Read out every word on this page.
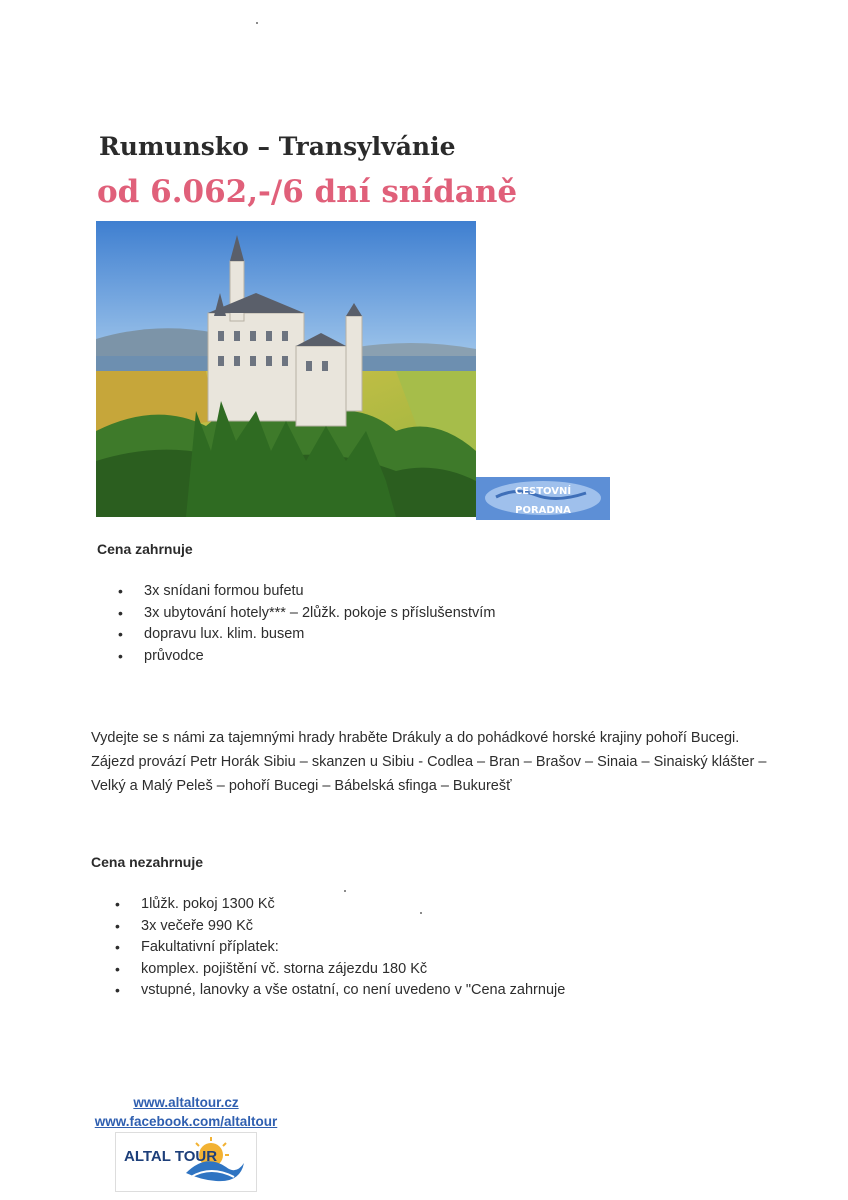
Rumunsko – Transylvánie
od 6.062,-/6 dní snídaně
CESTOVNÍ
PORADNA
Cena zahrnuje
• 3x snídani formou bufetu
• 3x ubytování hotely*** – 2lůžk. pokoje s příslušenstvím
• dopravu lux. klim. busem
• průvodce

Vydejte se s námi za tajemnými hrady hraběte Drákuly a do pohádkové horské krajiny pohoří Bucegi. Zájezd provází Petr Horák Sibiu – skanzen u Sibiu - Codlea – Bran – Brašov – Sinaia – Sinaiský klášter – Velký a Malý Peleš – pohoří Bucegi – Bábelská sfinga – Bukurešť

Cena nezahrnuje
• 1lůžk. pokoj 1300 Kč
• 3x večeře 990 Kč
• Fakultativní příplatek:
• komplex. pojištění vč. storna zájezdu 180 Kč
• vstupné, lanovky a vše ostatní, co není uvedeno v "Cena zahrnuje
www.altaltour.cz
www.facebook.com/altaltour
ALTAL TOUR
